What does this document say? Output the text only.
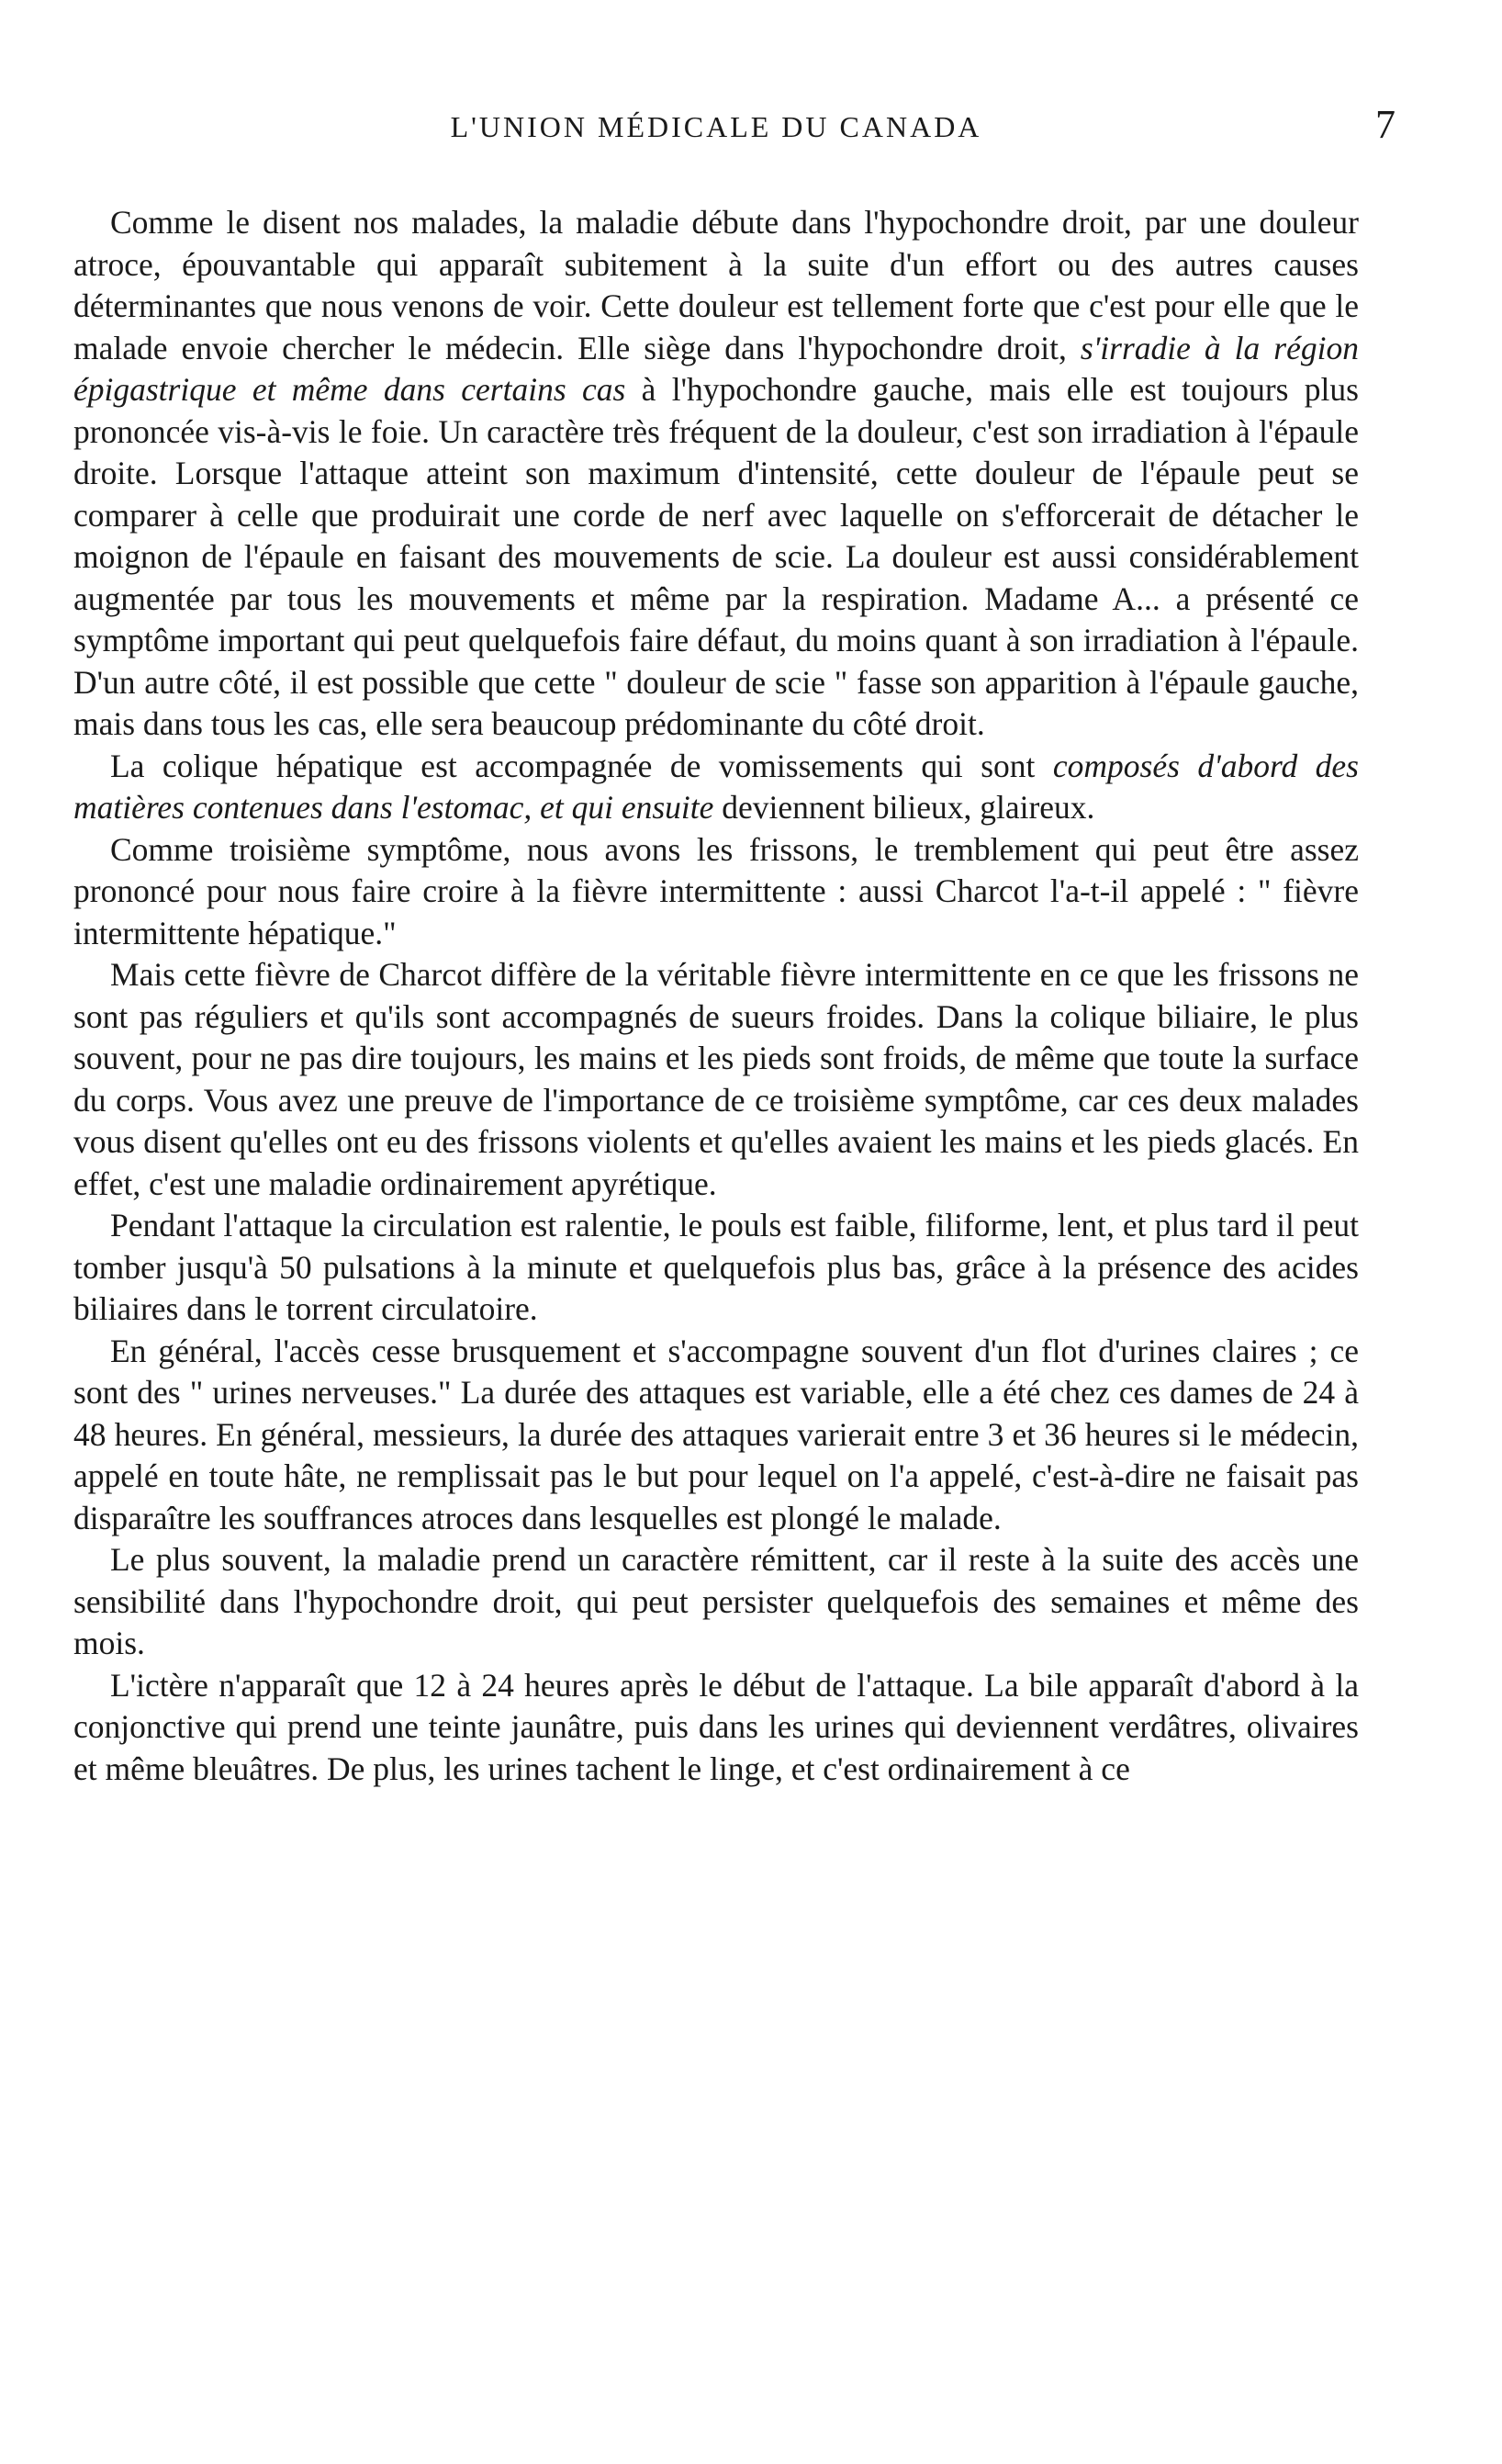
L'UNION MÉDICALE DU CANADA	7

Comme le disent nos malades, la maladie débute dans l'hypochondre droit, par une douleur atroce, épouvantable qui apparaît subitement à la suite d'un effort ou des autres causes déterminantes que nous venons de voir. Cette douleur est tellement forte que c'est pour elle que le malade envoie chercher le médecin. Elle siège dans l'hypochondre droit, s'irradie à la région épigastrique et même dans certains cas à l'hypochondre gauche, mais elle est toujours plus prononcée vis-à-vis le foie. Un caractère très fréquent de la douleur, c'est son irradiation à l'épaule droite. Lorsque l'attaque atteint son maximum d'intensité, cette douleur de l'épaule peut se comparer à celle que produirait une corde de nerf avec laquelle on s'efforcerait de détacher le moignon de l'épaule en faisant des mouvements de scie. La douleur est aussi considérablement augmentée par tous les mouvements et même par la respiration. Madame A... a présenté ce symptôme important qui peut quelquefois faire défaut, du moins quant à son irradiation à l'épaule. D'un autre côté, il est possible que cette " douleur de scie " fasse son apparition à l'épaule gauche, mais dans tous les cas, elle sera beaucoup prédominante du côté droit.

La colique hépatique est accompagnée de vomissements qui sont composés d'abord des matières contenues dans l'estomac, et qui ensuite deviennent bilieux, glaireux.

Comme troisième symptôme, nous avons les frissons, le tremblement qui peut être assez prononcé pour nous faire croire à la fièvre intermittente : aussi Charcot l'a-t-il appelé : " fièvre intermittente hépatique."

Mais cette fièvre de Charcot diffère de la véritable fièvre intermittente en ce que les frissons ne sont pas réguliers et qu'ils sont accompagnés de sueurs froides. Dans la colique biliaire, le plus souvent, pour ne pas dire toujours, les mains et les pieds sont froids, de même que toute la surface du corps. Vous avez une preuve de l'importance de ce troisième symptôme, car ces deux malades vous disent qu'elles ont eu des frissons violents et qu'elles avaient les mains et les pieds glacés. En effet, c'est une maladie ordinairement apyrétique.

Pendant l'attaque la circulation est ralentie, le pouls est faible, filiforme, lent, et plus tard il peut tomber jusqu'à 50 pulsations à la minute et quelquefois plus bas, grâce à la présence des acides biliaires dans le torrent circulatoire.

En général, l'accès cesse brusquement et s'accompagne souvent d'un flot d'urines claires ; ce sont des " urines nerveuses." La durée des attaques est variable, elle a été chez ces dames de 24 à 48 heures. En général, messieurs, la durée des attaques varierait entre 3 et 36 heures si le médecin, appelé en toute hâte, ne remplissait pas le but pour lequel on l'a appelé, c'est-à-dire ne faisait pas disparaître les souffrances atroces dans lesquelles est plongé le malade.

Le plus souvent, la maladie prend un caractère rémittent, car il reste à la suite des accès une sensibilité dans l'hypochondre droit, qui peut persister quelquefois des semaines et même des mois.

L'ictère n'apparaît que 12 à 24 heures après le début de l'attaque. La bile apparaît d'abord à la conjonctive qui prend une teinte jaunâtre, puis dans les urines qui deviennent verdâtres, olivaires et même bleuâtres. De plus, les urines tachent le linge, et c'est ordinairement à ce
